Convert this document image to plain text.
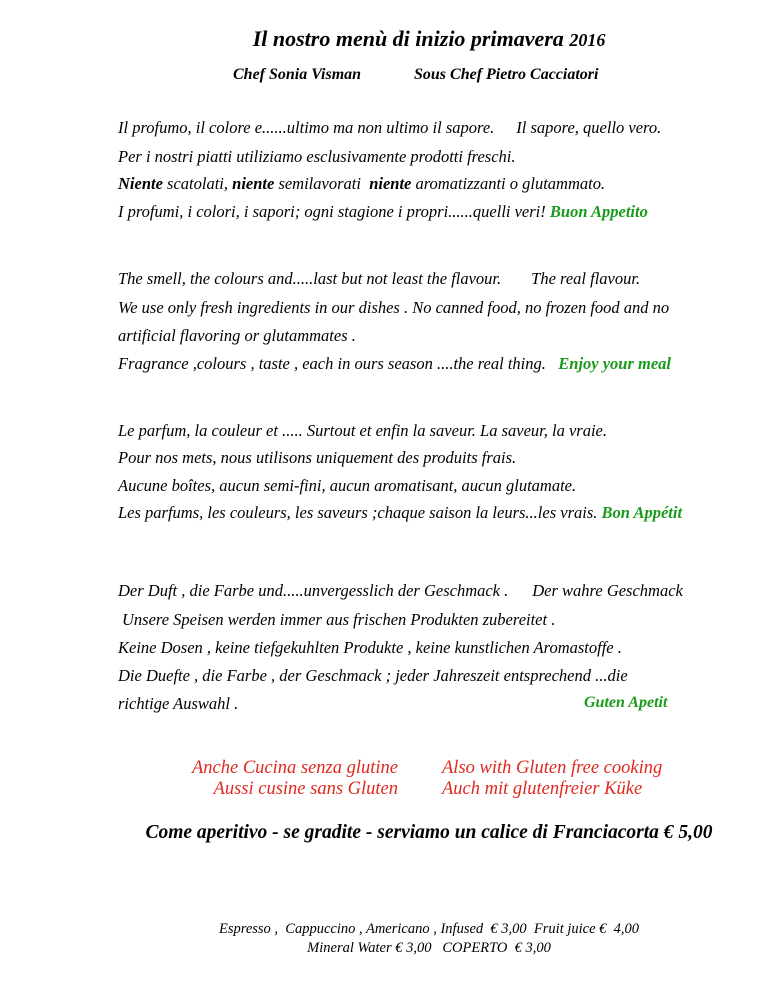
Il nostro menù di inizio primavera 2016
Chef Sonia Visman	Sous Chef Pietro Cacciatori
Il profumo, il colore e......ultimo ma non ultimo il sapore. Il sapore, quello vero.
Per i nostri piatti utiliziamo esclusivamente prodotti freschi.
Niente scatolati, niente semilavorati  niente aromatizzanti o glutammato.
I profumi, i colori, i sapori; ogni stagione i propri......quelli veri! Buon Appetito
The smell, the colours and.....last but not least the flavour. The real flavour.
We use only fresh ingredients in our dishes . No canned food, no frozen food and no
artificial flavoring or glutammates .
Fragrance ,colours , taste , each in ours season ....the real thing.   Enjoy your meal
Le parfum, la couleur et ..... Surtout et enfin la saveur. La saveur, la vraie.
Pour nos mets, nous utilisons uniquement des produits frais.
Aucune boîtes, aucun semi-fini, aucun aromatisant, aucun glutamate.
Les parfums, les couleurs, les saveurs ;chaque saison la leurs...les vrais. Bon Appétit
Der Duft , die Farbe und.....unvergesslich der Geschmack . Der wahre Geschmack
Unsere Speisen werden immer aus frischen Produkten zubereitet .
Keine Dosen , keine tiefgekuhlten Produkte , keine kunstlichen Aromastoffe .
Die Duefte , die Farbe , der Geschmack ; jeder Jahreszeit entsprechend ...die
richtige Auswahl .	Guten Apetit
Anche Cucina senza glutine
Aussi cusine sans Gluten
Also with Gluten free cooking
Auch mit glutenfreier Küke
Come aperitivo - se gradite - serviamo un calice di Franciacorta € 5,00
Espresso ,  Cappuccino , Americano , Infused  € 3,00  Fruit juice €  4,00
Mineral Water € 3,00   COPERTO  € 3,00
